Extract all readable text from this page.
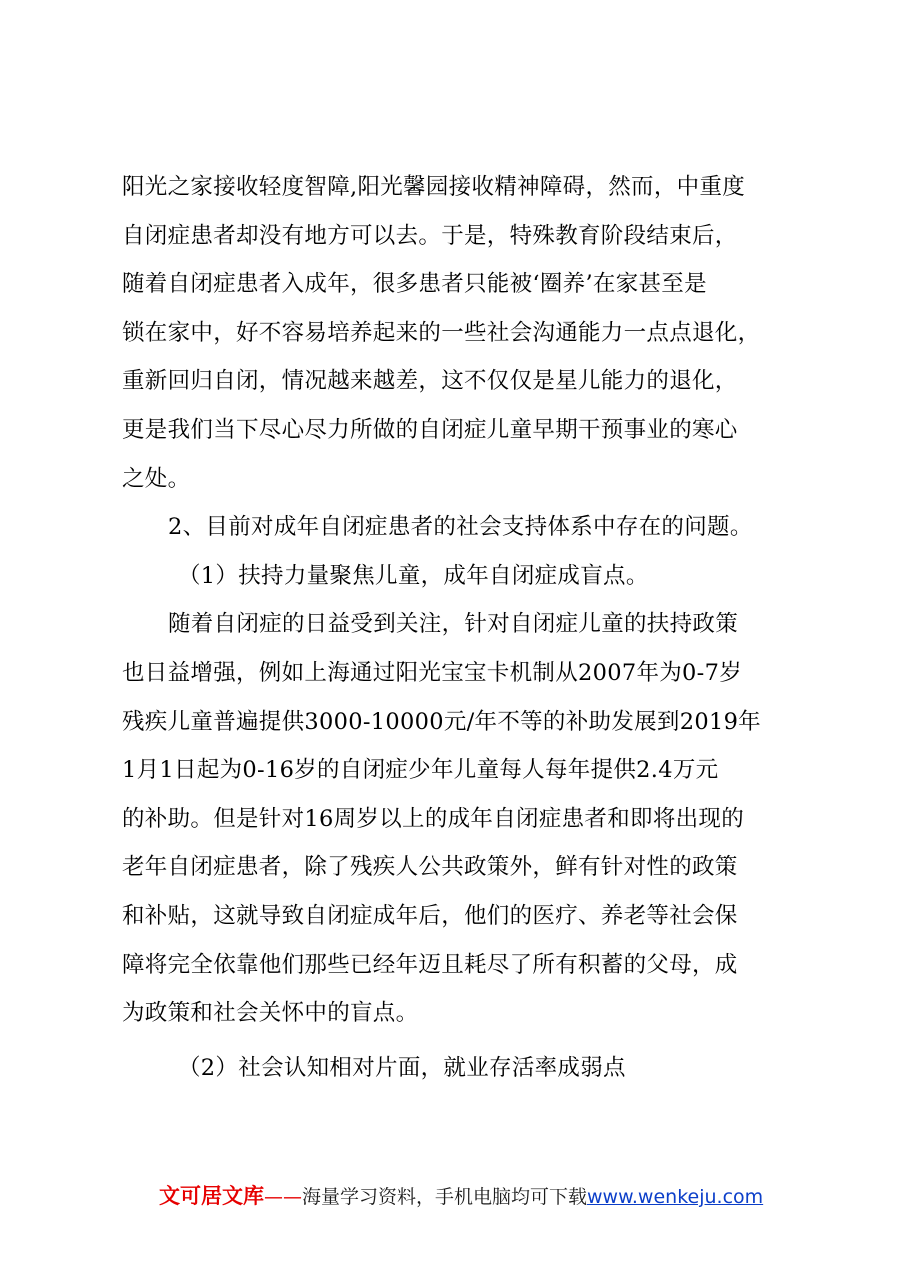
阳光之家接收轻度智障,阳光馨园接收精神障碍，然而，中重度
自闭症患者却没有地方可以去。于是，特殊教育阶段结束后，
随着自闭症患者入成年，很多患者只能被‘圈养’在家甚至是
锁在家中，好不容易培养起来的一些社会沟通能力一点点退化，
重新回归自闭，情况越来越差，这不仅仅是星儿能力的退化，
更是我们当下尽心尽力所做的自闭症儿童早期干预事业的寒心
之处。
2、目前对成年自闭症患者的社会支持体系中存在的问题。
（1）扶持力量聚焦儿童，成年自闭症成盲点。
随着自闭症的日益受到关注，针对自闭症儿童的扶持政策
也日益增强，例如上海通过阳光宝宝卡机制从2007年为0-7岁
残疾儿童普遍提供3000-10000元/年不等的补助发展到2019年
1月1日起为0-16岁的自闭症少年儿童每人每年提供2.4万元
的补助。但是针对16周岁以上的成年自闭症患者和即将出现的
老年自闭症患者，除了残疾人公共政策外，鲜有针对性的政策
和补贴，这就导致自闭症成年后，他们的医疗、养老等社会保
障将完全依靠他们那些已经年迈且耗尽了所有积蓄的父母，成
为政策和社会关怀中的盲点。
（2）社会认知相对片面，就业存活率成弱点
文可居文库——海量学习资料，手机电脑均可下载www.wenkeju.com
